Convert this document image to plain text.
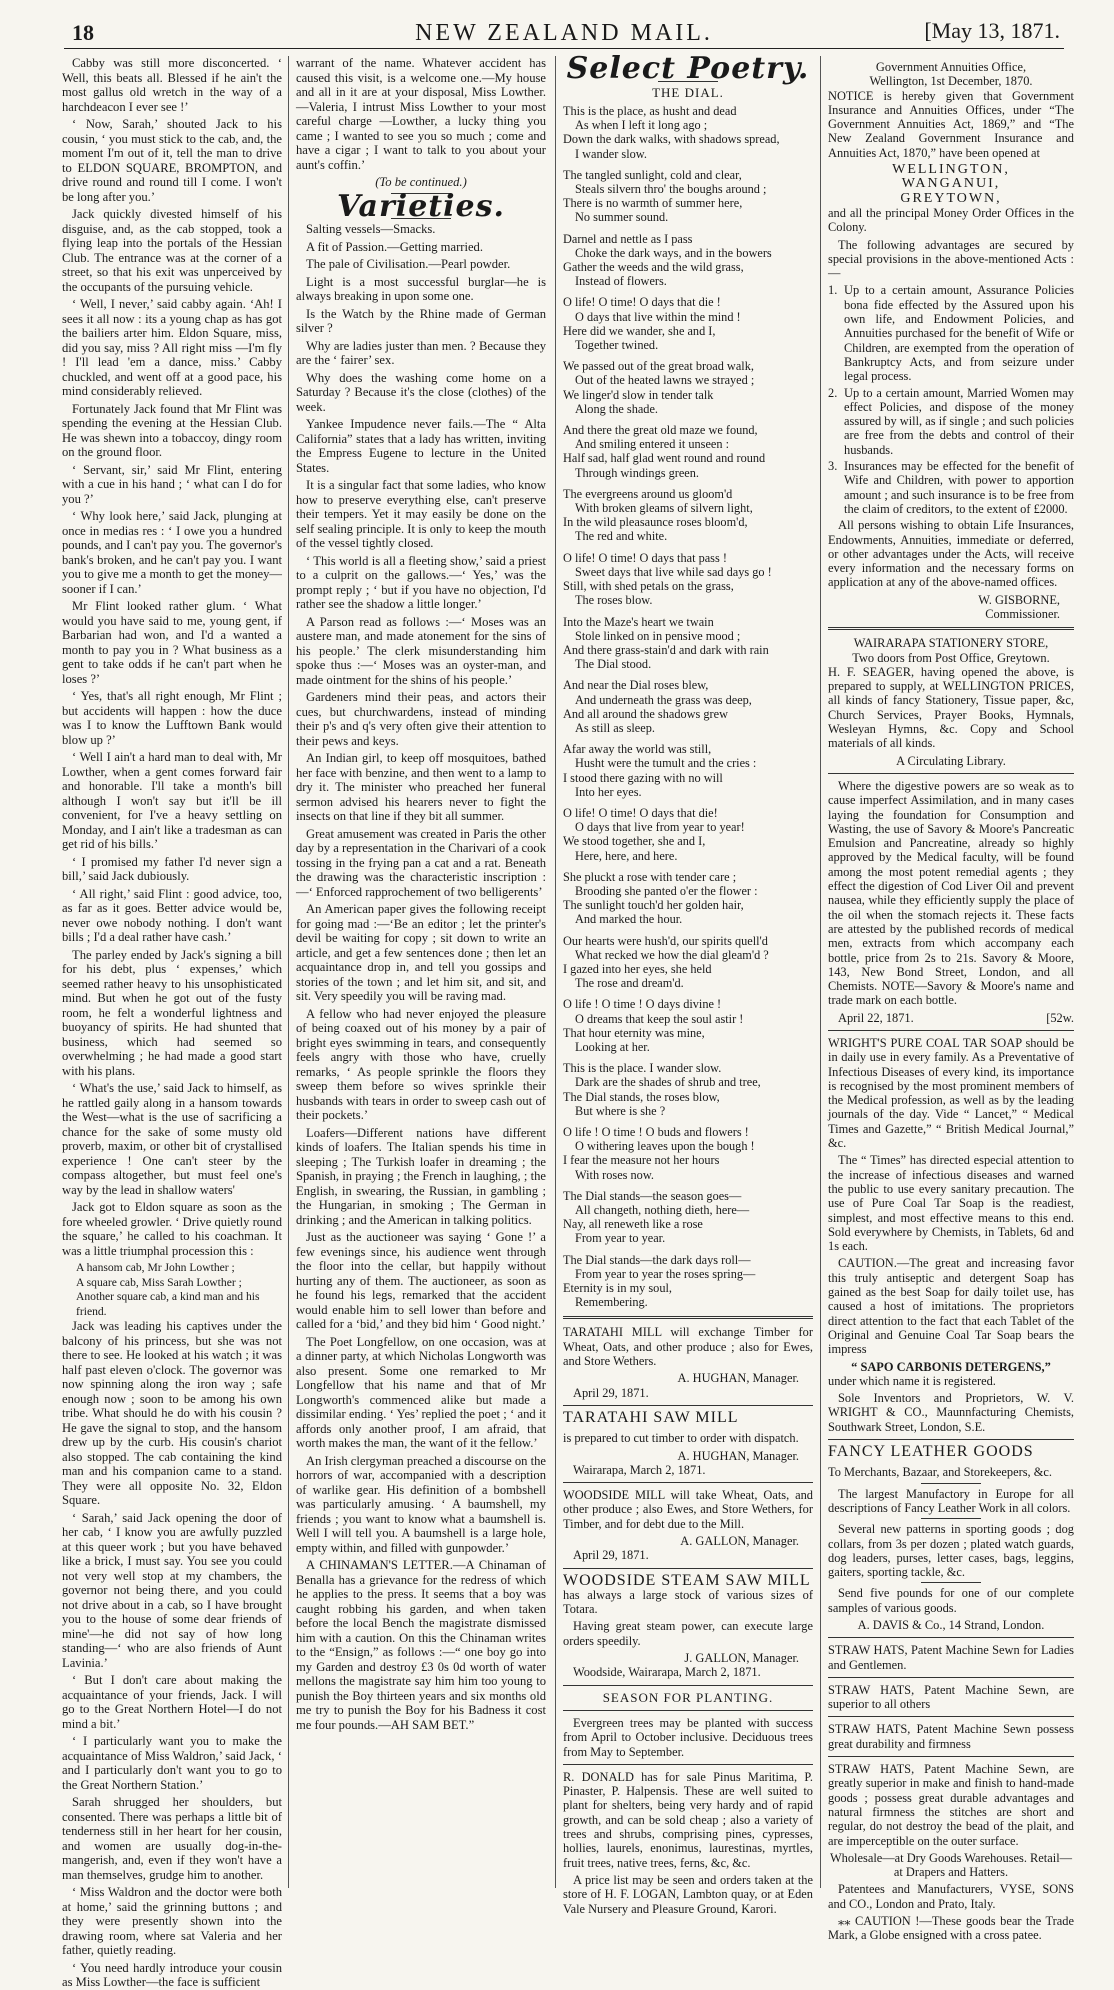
18	NEW ZEALAND MAIL.	[May 13, 1871.

Cabby was still more disconcerted. ‘ Well, this beats all. Blessed if he ain't the most gallus old wretch in the way of a harchdeacon I ever see !’

‘ Now, Sarah,’ shouted Jack to his cousin, ‘ you must stick to the cab, and, the moment I'm out of it, tell the man to drive to ELDON SQUARE, BROMPTON, and drive round and round till I come. I won't be long after you.’

Jack quickly divested himself of his disguise, and, as the cab stopped, took a flying leap into the portals of the Hessian Club. The entrance was at the corner of a street, so that his exit was unperceived by the occupants of the pursuing vehicle.

‘ Well, I never,’ said cabby again. ‘Ah! I sees it all now : its a young chap as has got the bailiers arter him. Eldon Square, miss, did you say, miss ? All right miss —I'm fly ! I'll lead 'em a dance, miss.’ Cabby chuckled, and went off at a good pace, his mind considerably relieved.

Fortunately Jack found that Mr Flint was spending the evening at the Hessian Club. He was shewn into a tobaccoy, dingy room on the ground floor.

‘ Servant, sir,’ said Mr Flint, entering with a cue in his hand ; ‘ what can I do for you ?’

‘ Why look here,’ said Jack, plunging at once in medias res : ‘ I owe you a hundred pounds, and I can't pay you. The governor's bank's broken, and he can't pay you. I want you to give me a month to get the money—sooner if I can.’

Mr Flint looked rather glum. ‘ What would you have said to me, young gent, if Barbarian had won, and I'd a wanted a month to pay you in ? What business as a gent to take odds if he can't part when he loses ?’

‘ Yes, that's all right enough, Mr Flint ; but accidents will happen : how the duce was I to know the Lufftown Bank would blow up ?’

‘ Well I ain't a hard man to deal with, Mr Lowther, when a gent comes forward fair and honorable. I'll take a month's bill although I won't say but it'll be ill convenient, for I've a heavy settling on Monday, and I ain't like a tradesman as can get rid of his bills.’

‘ I promised my father I'd never sign a bill,’ said Jack dubiously.

‘ All right,’ said Flint : good advice, too, as far as it goes. Better advice would be, never owe nobody nothing. I don't want bills ; I'd a deal rather have cash.’

The parley ended by Jack's signing a bill for his debt, plus ‘ expenses,’ which seemed rather heavy to his unsophisticated mind. But when he got out of the fusty room, he felt a wonderful lightness and buoyancy of spirits. He had shunted that business, which had seemed so overwhelming ; he had made a good start with his plans.

‘ What's the use,’ said Jack to himself, as he rattled gaily along in a hansom towards the West—what is the use of sacrificing a chance for the sake of some musty old proverb, maxim, or other bit of crystallised experience ! One can't steer by the compass altogether, but must feel one's way by the lead in shallow waters'

Jack got to Eldon square as soon as the fore wheeled growler. ‘ Drive quietly round the square,’ he called to his coachman. It was a little triumphal procession this :

A hansom cab, Mr John Lowther ;
A square cab, Miss Sarah Lowther ;
Another square cab, a kind man and his friend.

Jack was leading his captives under the balcony of his princess, but she was not there to see. He looked at his watch ; it was half past eleven o'clock. The governor was now spinning along the iron way ; safe enough now ; soon to be among his own tribe. What should he do with his cousin ? He gave the signal to stop, and the hansom drew up by the curb. His cousin's chariot also stopped. The cab containing the kind man and his companion came to a stand. They were all opposite No. 32, Eldon Square.

‘ Sarah,’ said Jack opening the door of her cab, ‘ I know you are awfully puzzled at this queer work ; but you have behaved like a brick, I must say. You see you could not very well stop at my chambers, the governor not being there, and you could not drive about in a cab, so I have brought you to the house of some dear friends of mine'—he did not say of how long standing—‘ who are also friends of Aunt Lavinia.’

‘ But I don't care about making the acquaintance of your friends, Jack. I will go to the Great Northern Hotel—I do not mind a bit.’

‘ I particularly want you to make the acquaintance of Miss Waldron,’ said Jack, ‘ and I particularly don't want you to go to the Great Northern Station.’

Sarah shrugged her shoulders, but consented. There was perhaps a little bit of tenderness still in her heart for her cousin, and women are usually dog-in-the-mangerish, and, even if they won't have a man themselves, grudge him to another.

‘ Miss Waldron and the doctor were both at home,’ said the grinning buttons ; and they were presently shown into the drawing room, where sat Valeria and her father, quietly reading.

‘ You need hardly introduce your cousin as Miss Lowther—the face is sufficient

warrant of the name. Whatever accident has caused this visit, is a welcome one.—My house and all in it are at your disposal, Miss Lowther.—Valeria, I intrust Miss Lowther to your most careful charge —Lowther, a lucky thing you came ; I wanted to see you so much ; come and have a cigar ; I want to talk to you about your aunt's coffin.’

(To be continued.)

Varieties.

Salting vessels—Smacks.

A fit of Passion.—Getting married.

The pale of Civilisation.—Pearl powder.

Light is a most successful burglar—he is always breaking in upon some one.

Is the Watch by the Rhine made of German silver ?

Why are ladies juster than men. ? Because they are the ‘ fairer’ sex.

Why does the washing come home on a Saturday ? Because it's the close (clothes) of the week.

Yankee Impudence never fails.—The “ Alta California” states that a lady has written, inviting the Empress Eugene to lecture in the United States.

It is a singular fact that some ladies, who know how to preserve everything else, can't preserve their tempers. Yet it may easily be done on the self sealing principle. It is only to keep the mouth of the vessel tightly closed.

‘ This world is all a fleeting show,’ said a priest to a culprit on the gallows.—‘ Yes,’ was the prompt reply ; ‘ but if you have no objection, I'd rather see the shadow a little longer.’

A Parson read as follows :—‘ Moses was an austere man, and made atonement for the sins of his people.’ The clerk misunderstanding him spoke thus :—‘ Moses was an oyster-man, and made ointment for the shins of his people.’

Gardeners mind their peas, and actors their cues, but churchwardens, instead of minding their p's and q's very often give their attention to their pews and keys.

An Indian girl, to keep off mosquitoes, bathed her face with benzine, and then went to a lamp to dry it. The minister who preached her funeral sermon advised his hearers never to fight the insects on that line if they bit all summer.

Great amusement was created in Paris the other day by a representation in the Charivari of a cook tossing in the frying pan a cat and a rat. Beneath the drawing was the characteristic inscription :—‘ Enforced rapprochement of two belligerents’

An American paper gives the following receipt for going mad :—‘Be an editor ; let the printer's devil be waiting for copy ; sit down to write an article, and get a few sentences done ; then let an acquaintance drop in, and tell you gossips and stories of the town ; and let him sit, and sit, and sit. Very speedily you will be raving mad.

A fellow who had never enjoyed the pleasure of being coaxed out of his money by a pair of bright eyes swimming in tears, and consequently feels angry with those who have, cruelly remarks, ‘ As people sprinkle the floors they sweep them before so wives sprinkle their husbands with tears in order to sweep cash out of their pockets.’

Loafers—Different nations have different kinds of loafers. The Italian spends his time in sleeping ; The Turkish loafer in dreaming ; the Spanish, in praying ; the French in laughing, ; the English, in swearing, the Russian, in gambling ; the Hungarian, in smoking ; The German in drinking ; and the American in talking politics.

Just as the auctioneer was saying ‘ Gone !’ a few evenings since, his audience went through the floor into the cellar, but happily without hurting any of them. The auctioneer, as soon as he found his legs, remarked that the accident would enable him to sell lower than before and called for a ‘bid,’ and they bid him ‘ Good night.’

The Poet Longfellow, on one occasion, was at a dinner party, at which Nicholas Longworth was also present. Some one remarked to Mr Longfellow that his name and that of Mr Longworth's commenced alike but made a dissimilar ending. ‘ Yes’ replied the poet ; ‘ and it affords only another proof, I am afraid, that worth makes the man, the want of it the fellow.’

An Irish clergyman preached a discourse on the horrors of war, accompanied with a description of warlike gear. His definition of a bombshell was particularly amusing. ‘ A baumshell, my friends ; you want to know what a baumshell is. Well I will tell you. A baumshell is a large hole, empty within, and filled with gunpowder.’

A CHINAMAN'S LETTER.—A Chinaman of Benalla has a grievance for the redress of which he applies to the press. It seems that a boy was caught robbing his garden, and when taken before the local Bench the magistrate dismissed him with a caution. On this the Chinaman writes to the “Ensign,” as follows :—“ one boy go into my Garden and destroy £3 0s 0d worth of water mellons the magistrate say him him too young to punish the Boy thirteen years and six months old me try to punish the Boy for his Badness it cost me four pounds.—AH SAM BET.”

Select Poetry.
THE DIAL.
This is the place, as husht and dead
As when I left it long ago ;
Down the dark walks, with shadows spread,
I wander slow.
The tangled sunlight, cold and clear,
Steals silvern thro' the boughs around ;
There is no warmth of summer here,
No summer sound.
Darnel and nettle as I pass
Choke the dark ways, and in the bowers
Gather the weeds and the wild grass,
Instead of flowers.
O life! O time! O days that die !
O days that live within the mind !
Here did we wander, she and I,
Together twined.
We passed out of the great broad walk,
Out of the heated lawns we strayed ;
We linger'd slow in tender talk
Along the shade.
And there the great old maze we found,
And smiling entered it unseen :
Half sad, half glad went round and round
Through windings green.
The evergreens around us gloom'd
With broken gleams of silvern light,
In the wild pleasaunce roses bloom'd,
The red and white.
O life! O time! O days that pass !
Sweet days that live while sad days go !
Still, with shed petals on the grass,
The roses blow.
Into the Maze's heart we twain
Stole linked on in pensive mood ;
And there grass-stain'd and dark with rain
The Dial stood.
And near the Dial roses blew,
And underneath the grass was deep,
And all around the shadows grew
As still as sleep.
Afar away the world was still,
Husht were the tumult and the cries :
I stood there gazing with no will
Into her eyes.
O life! O time! O days that die!
O days that live from year to year!
We stood together, she and I,
Here, here, and here.
She pluckt a rose with tender care ;
Brooding she panted o'er the flower :
The sunlight touch'd her golden hair,
And marked the hour.
Our hearts were hush'd, our spirits quell'd
What recked we how the dial gleam'd ?
I gazed into her eyes, she held
The rose and dream'd.
O life ! O time ! O days divine !
O dreams that keep the soul astir !
That hour eternity was mine,
Looking at her.
This is the place. I wander slow.
Dark are the shades of shrub and tree,
The Dial stands, the roses blow,
But where is she ?
O life ! O time ! O buds and flowers !
O withering leaves upon the bough !
I fear the measure not her hours
With roses now.
The Dial stands—the season goes—
All changeth, nothing dieth, here—
Nay, all reneweth like a rose
From year to year.
The Dial stands—the dark days roll—
From year to year the roses spring—
Eternity is in my soul,
Remembering.

TARATAHI MILL will exchange Timber for Wheat, Oats, and other produce ; also for Ewes, and Store Wethers.

A. HUGHAN, Manager.
April 29, 1871.
TARATAHI SAW MILL

is prepared to cut timber to order with dispatch.

A. HUGHAN, Manager.
Wairarapa, March 2, 1871.

WOODSIDE MILL will take Wheat, Oats, and other produce ; also Ewes, and Store Wethers, for Timber, and for debt due to the Mill.

A. GALLON, Manager.
April 29, 1871.
WOODSIDE STEAM SAW MILL

has always a large stock of various sizes of Totara.

Having great steam power, can execute large orders speedily.

J. GALLON, Manager.
Woodside, Wairarapa, March 2, 1871.
SEASON FOR PLANTING.

Evergreen trees may be planted with success from April to October inclusive. Deciduous trees from May to September.

R. DONALD has for sale Pinus Maritima, P. Pinaster, P. Halpensis. These are well suited to plant for shelters, being very hardy and of rapid growth, and can be sold cheap ; also a variety of trees and shrubs, comprising pines, cypresses, hollies, laurels, enonimus, laurestinas, myrtles, fruit trees, native trees, ferns, &c, &c.

A price list may be seen and orders taken at the store of H. F. LOGAN, Lambton quay, or at Eden Vale Nursery and Pleasure Ground, Karori.

Government Annuities Office,
Wellington, 1st December, 1870.

NOTICE is hereby given that Government Insurance and Annuities Offices, under “The Government Annuities Act, 1869,” and “The New Zealand Government Insurance and Annuities Act, 1870,” have been opened at

WELLINGTON,
WANGANUI,
GREYTOWN,

and all the principal Money Order Offices in the Colony.

The following advantages are secured by special provisions in the above-mentioned Acts :—

1. Up to a certain amount, Assurance Policies bona fide effected by the Assured upon his own life, and Endowment Policies, and Annuities purchased for the benefit of Wife or Children, are exempted from the operation of Bankruptcy Acts, and from seizure under legal process.
2. Up to a certain amount, Married Women may effect Policies, and dispose of the money assured by will, as if single ; and such policies are free from the debts and control of their husbands.
3. Insurances may be effected for the benefit of Wife and Children, with power to apportion amount ; and such insurance is to be free from the claim of creditors, to the extent of £2000.

All persons wishing to obtain Life Insurances, Endowments, Annuities, immediate or deferred, or other advantages under the Acts, will receive every information and the necessary forms on application at any of the above-named offices.

W. GISBORNE,
Commissioner.
WAIRARAPA STATIONERY STORE,
Two doors from Post Office, Greytown.

H. F. SEAGER, having opened the above, is prepared to supply, at WELLINGTON PRICES, all kinds of fancy Stationery, Tissue paper, &c, Church Services, Prayer Books, Hymnals, Wesleyan Hymns, &c. Copy and School materials of all kinds.

A Circulating Library.

Where the digestive powers are so weak as to cause imperfect Assimilation, and in many cases laying the foundation for Consumption and Wasting, the use of Savory & Moore's Pancreatic Emulsion and Pancreatine, already so highly approved by the Medical faculty, will be found among the most potent remedial agents ; they effect the digestion of Cod Liver Oil and prevent nausea, while they efficiently supply the place of the oil when the stomach rejects it. These facts are attested by the published records of medical men, extracts from which accompany each bottle, price from 2s to 21s. Savory & Moore, 143, New Bond Street, London, and all Chemists. NOTE—Savory & Moore's name and trade mark on each bottle.

April 22, 1871.	[52w.

WRIGHT'S PURE COAL TAR SOAP should be in daily use in every family. As a Preventative of Infectious Diseases of every kind, its importance is recognised by the most prominent members of the Medical profession, as well as by the leading journals of the day. Vide “ Lancet,” “ Medical Times and Gazette,” “ British Medical Journal,” &c.

The “ Times” has directed especial attention to the increase of infectious diseases and warned the public to use every sanitary precaution. The use of Pure Coal Tar Soap is the readiest, simplest, and most effective means to this end. Sold everywhere by Chemists, in Tablets, 6d and 1s each.

CAUTION.—The great and increasing favor this truly antiseptic and detergent Soap has gained as the best Soap for daily toilet use, has caused a host of imitations. The proprietors direct attention to the fact that each Tablet of the Original and Genuine Coal Tar Soap bears the impress

“ SAPO CARBONIS DETERGENS,”

under which name it is registered.

Sole Inventors and Proprietors, W. V. WRIGHT & CO., Maunnfacturing Chemists, Southwark Street, London, S.E.

FANCY LEATHER GOODS

To Merchants, Bazaar, and Storekeepers, &c.

The largest Manufactory in Europe for all descriptions of Fancy Leather Work in all colors.

Several new patterns in sporting goods ; dog collars, from 3s per dozen ; plated watch guards, dog leaders, purses, letter cases, bags, leggins, gaiters, sporting tackle, &c.

Send five pounds for one of our complete samples of various goods.

A. DAVIS & Co., 14 Strand, London.

STRAW HATS, Patent Machine Sewn for Ladies and Gentlemen.

STRAW HATS, Patent Machine Sewn, are superior to all others

STRAW HATS, Patent Machine Sewn possess great durability and firmness

STRAW HATS, Patent Machine Sewn, are greatly superior in make and finish to hand-made goods ; possess great durable advantages and natural firmness the stitches are short and regular, do not destroy the bead of the plait, and are imperceptible on the outer surface.

Wholesale—at Dry Goods Warehouses. Retail—at Drapers and Hatters.

Patentees and Manufacturers, VYSE, SONS and CO., London and Prato, Italy.

⁎⁎ CAUTION !—These goods bear the Trade Mark, a Globe ensigned with a cross patee.
